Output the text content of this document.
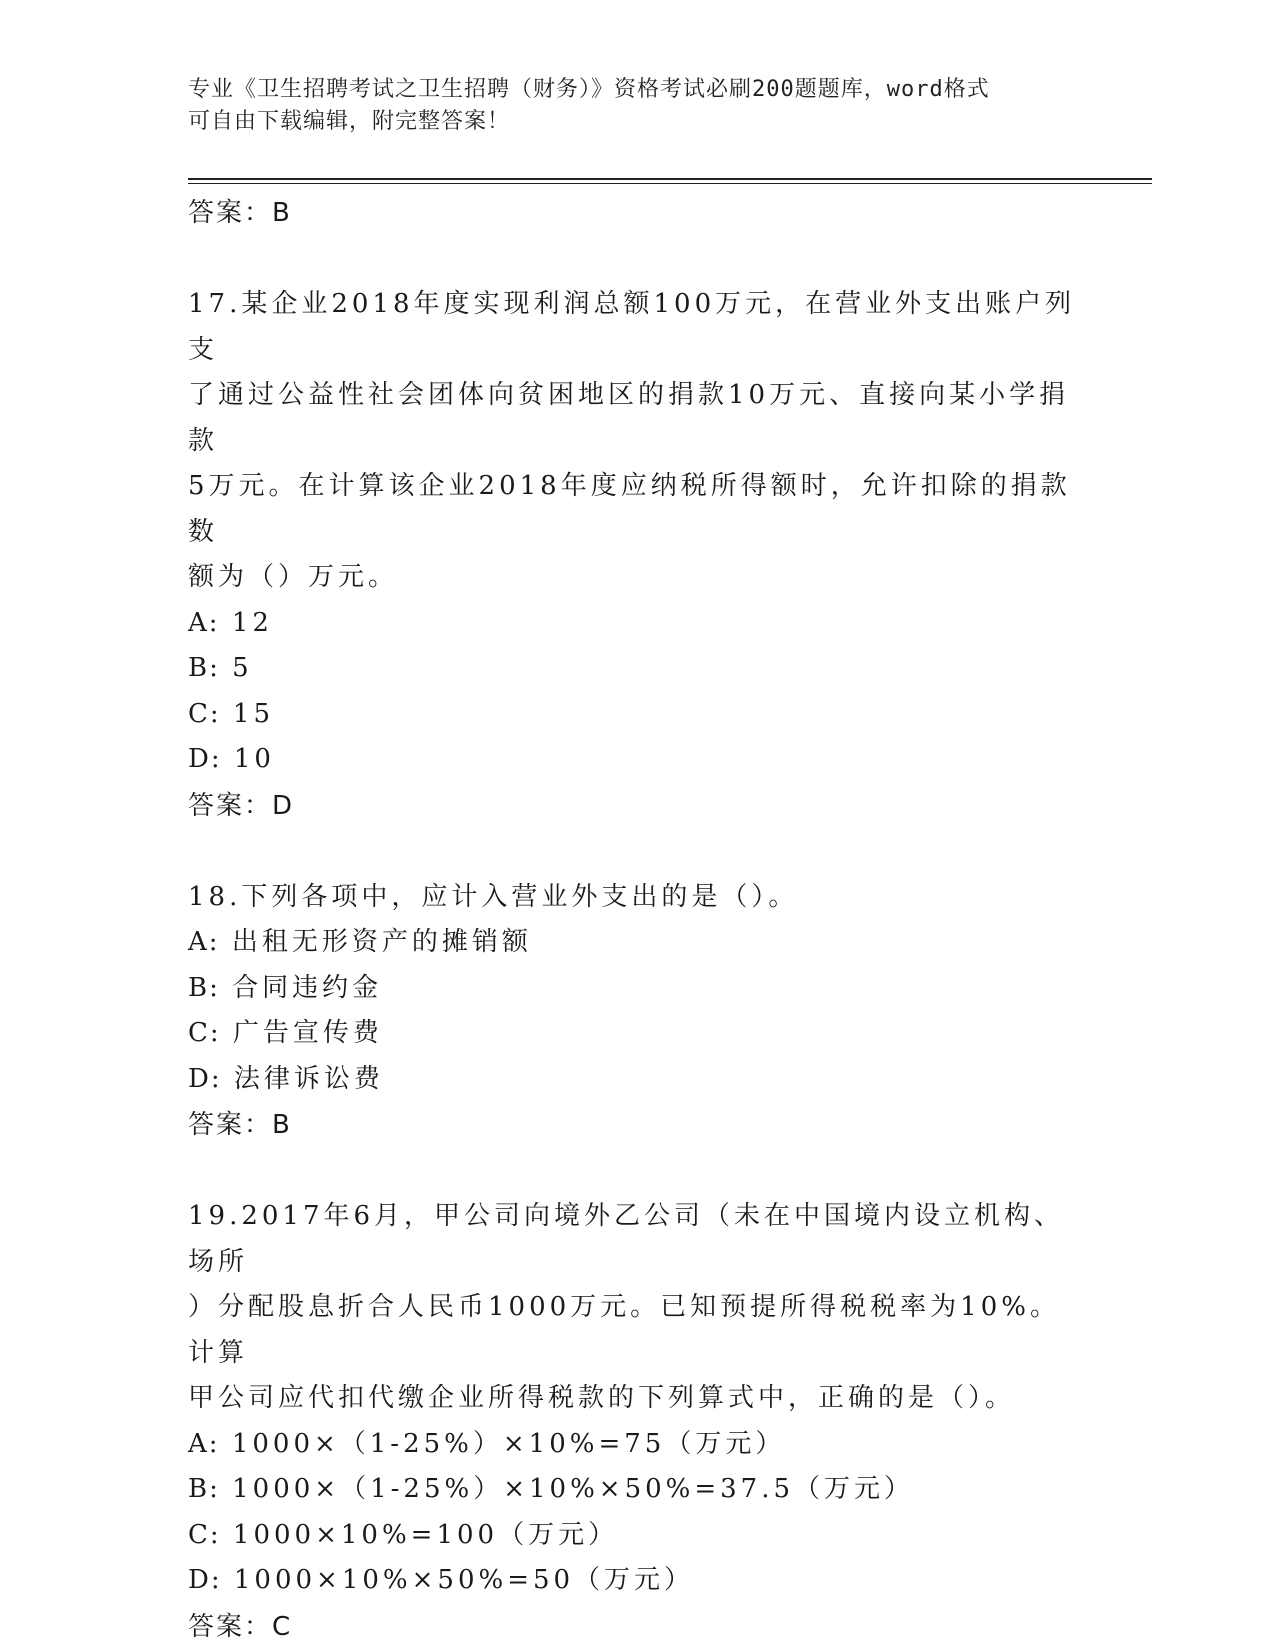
专业《卫生招聘考试之卫生招聘（财务）》资格考试必刷200题题库，word格式
可自由下载编辑，附完整答案！
答案：B
17.某企业2018年度实现利润总额100万元，在营业外支出账户列支
了通过公益性社会团体向贫困地区的捐款10万元、直接向某小学捐款
5万元。在计算该企业2018年度应纳税所得额时，允许扣除的捐款数
额为（）万元。
A: 12
B: 5
C: 15
D: 10
答案：D
18.下列各项中，应计入营业外支出的是（）。
A: 出租无形资产的摊销额
B: 合同违约金
C: 广告宣传费
D: 法律诉讼费
答案：B
19.2017年6月，甲公司向境外乙公司（未在中国境内设立机构、场所
）分配股息折合人民币1000万元。已知预提所得税税率为10%。计算
甲公司应代扣代缴企业所得税款的下列算式中，正确的是（）。
A: 1000×（1-25%）×10%=75（万元）
B: 1000×（1-25%）×10%×50%=37.5（万元）
C: 1000×10%=100（万元）
D: 1000×10%×50%=50（万元）
答案：C
